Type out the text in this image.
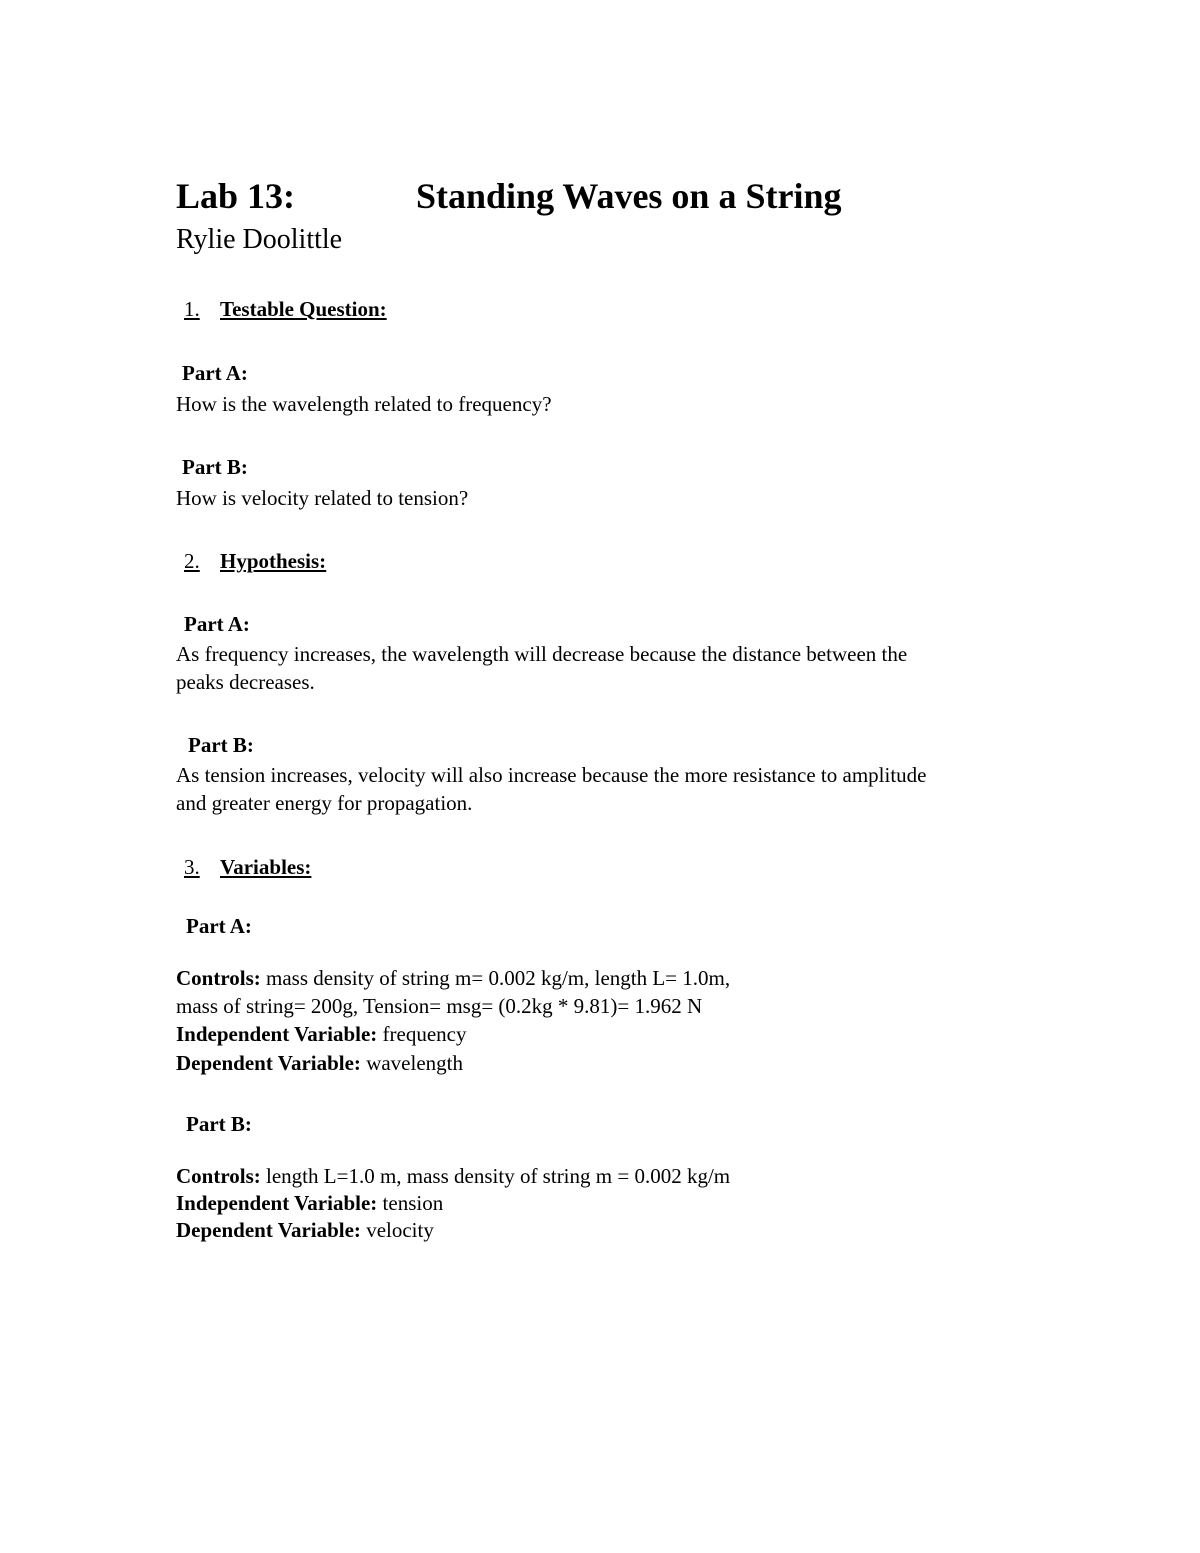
Lab 13:	Standing Waves on a String
Rylie Doolittle
1. Testable Question:
Part A:
How is the wavelength related to frequency?
Part B:
How is velocity related to tension?
2. Hypothesis:
Part A:
As frequency increases, the wavelength will decrease because the distance between the
peaks decreases.
Part B:
As tension increases, velocity will also increase because the more resistance to amplitude
and greater energy for propagation.
3. Variables:
Part A:
Controls: mass density of string m= 0.002 kg/m, length L= 1.0m,
mass of string= 200g, Tension= msg= (0.2kg * 9.81)= 1.962 N
Independent Variable: frequency
Dependent Variable: wavelength
Part B:
Controls: length L=1.0 m, mass density of string m = 0.002 kg/m
Independent Variable: tension
Dependent Variable: velocity
